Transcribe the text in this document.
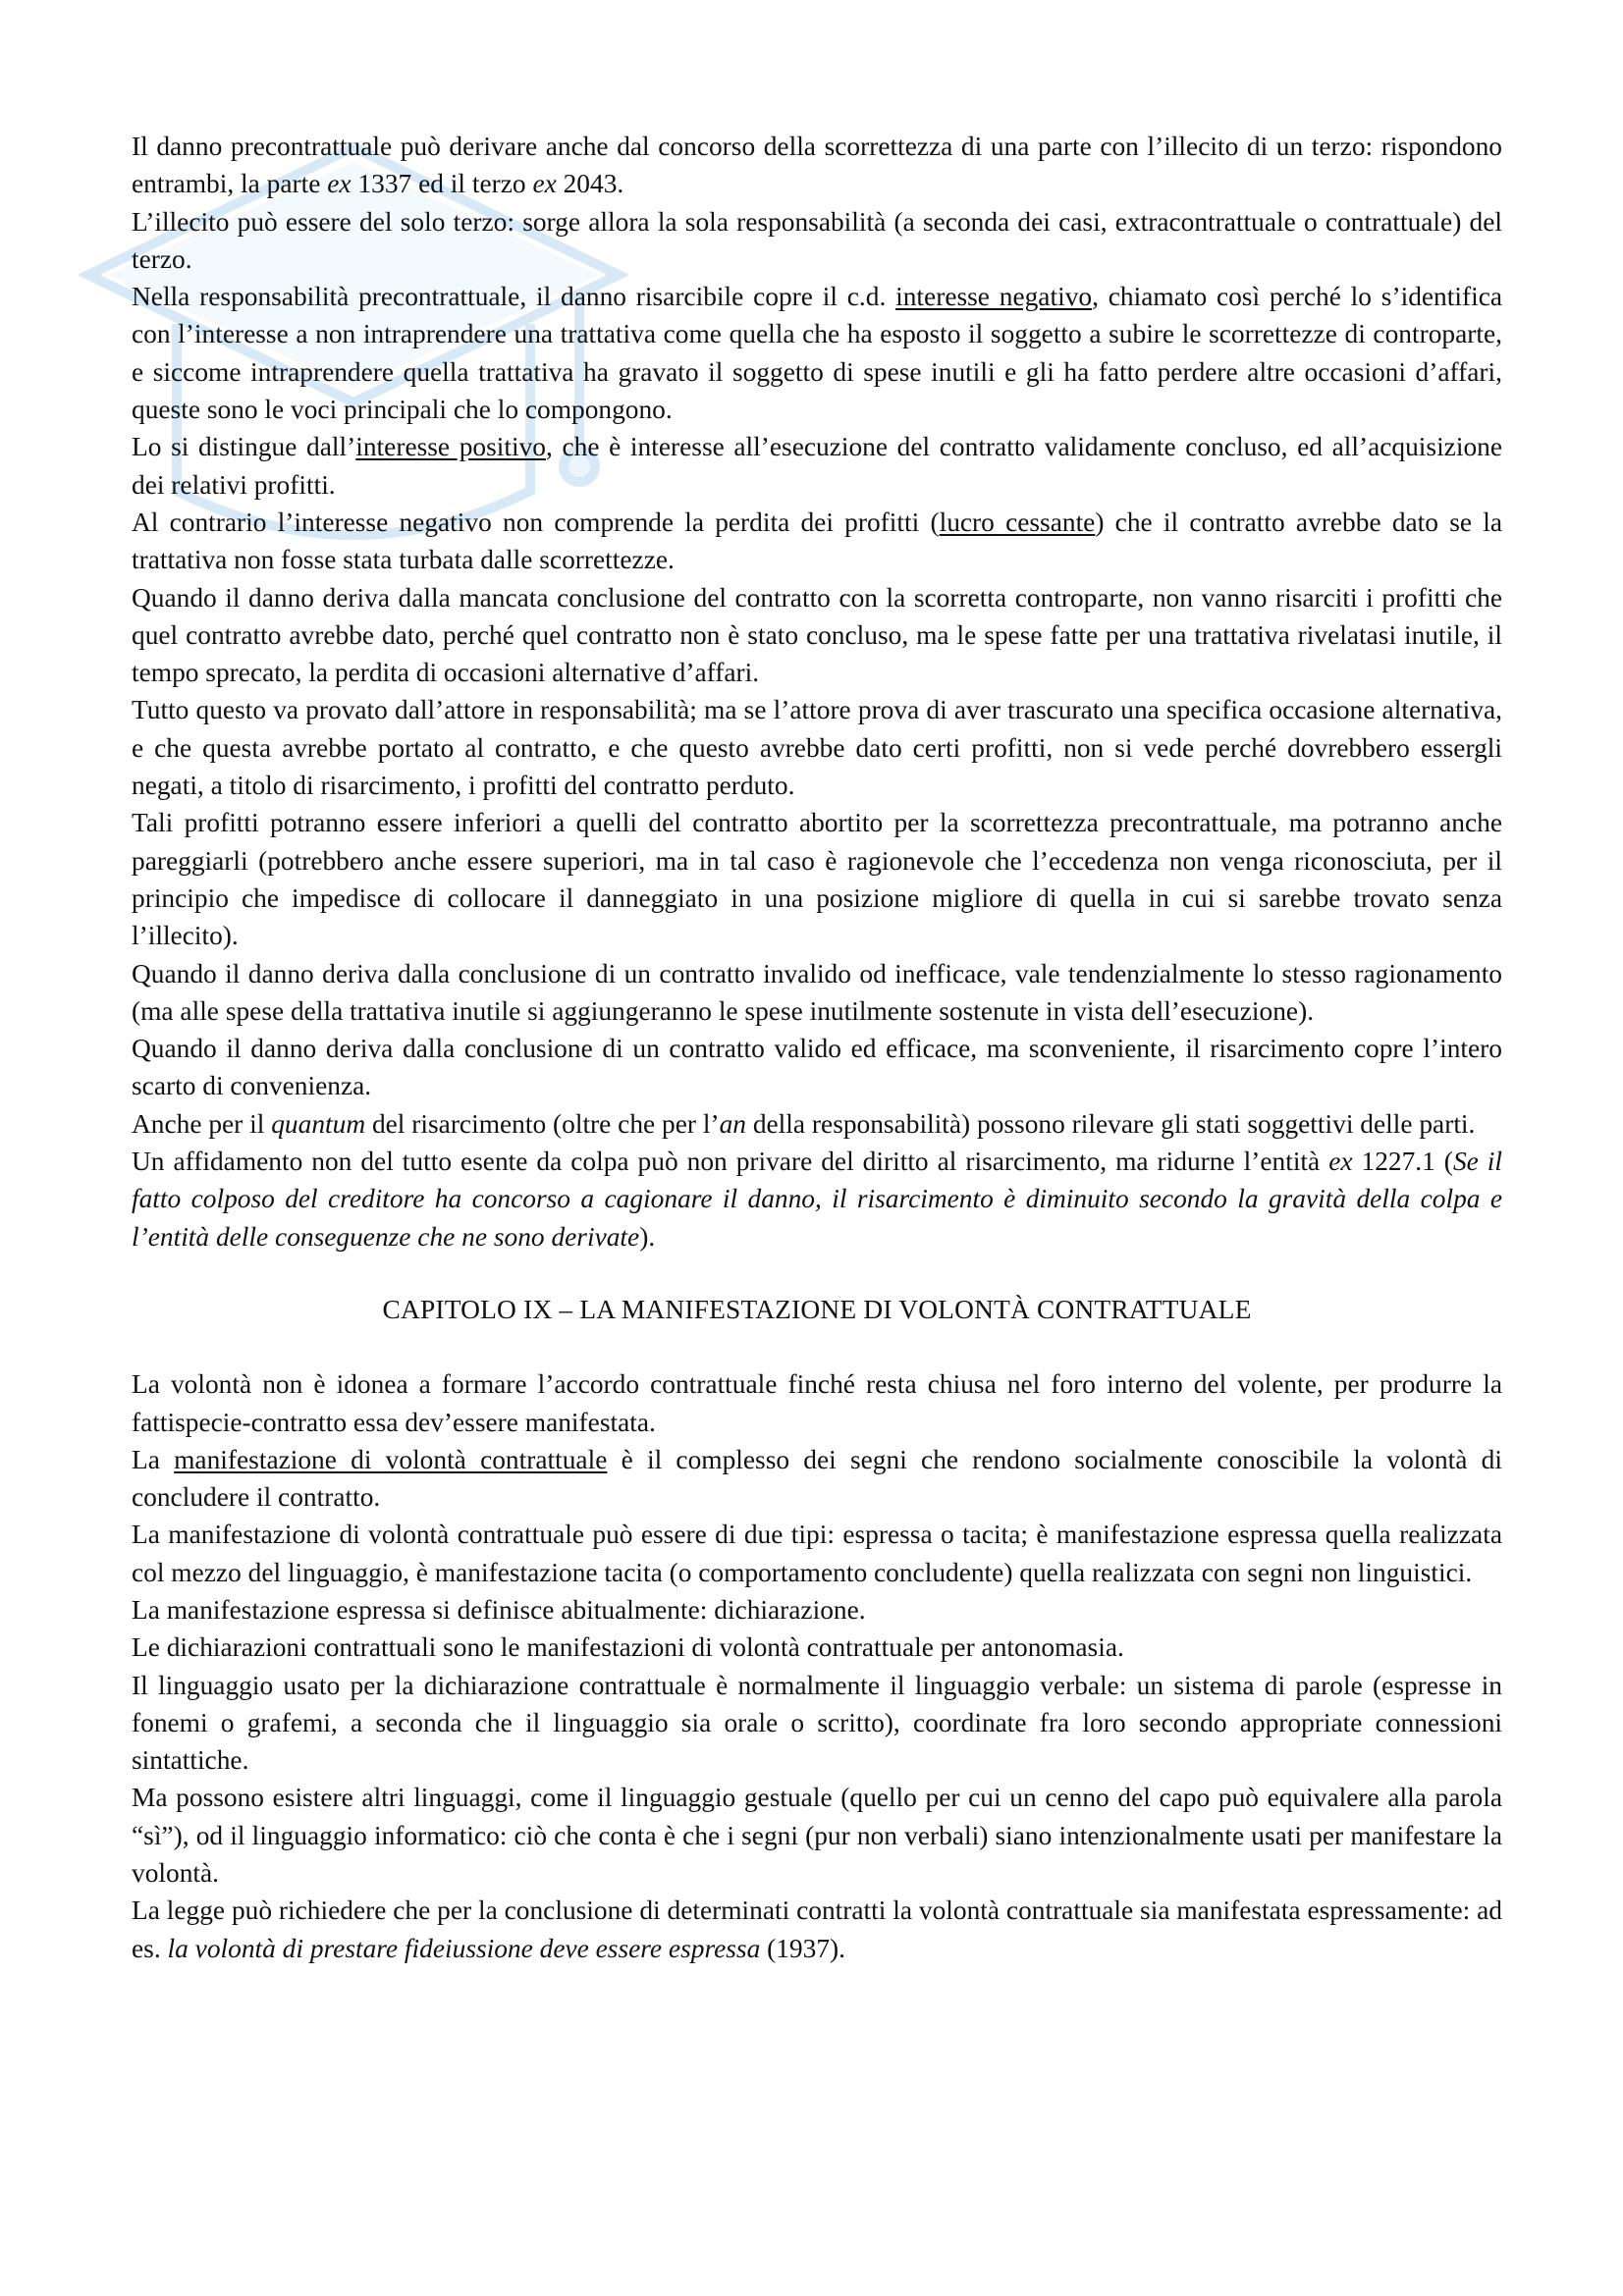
Il danno precontrattuale può derivare anche dal concorso della scorrettezza di una parte con l’illecito di un terzo: rispondono entrambi, la parte ex 1337 ed il terzo ex 2043.

L’illecito può essere del solo terzo: sorge allora la sola responsabilità (a seconda dei casi, extracontrattuale o contrattuale) del terzo.

Nella responsabilità precontrattuale, il danno risarcibile copre il c.d. interesse negativo, chiamato così perché lo s’identifica con l’interesse a non intraprendere una trattativa come quella che ha esposto il soggetto a subire le scorrettezze di controparte, e siccome intraprendere quella trattativa ha gravato il soggetto di spese inutili e gli ha fatto perdere altre occasioni d’affari, queste sono le voci principali che lo compongono.

Lo si distingue dall’interesse positivo, che è interesse all’esecuzione del contratto validamente concluso, ed all’acquisizione dei relativi profitti.

Al contrario l’interesse negativo non comprende la perdita dei profitti (lucro cessante) che il contratto avrebbe dato se la trattativa non fosse stata turbata dalle scorrettezze.

Quando il danno deriva dalla mancata conclusione del contratto con la scorretta controparte, non vanno risarciti i profitti che quel contratto avrebbe dato, perché quel contratto non è stato concluso, ma le spese fatte per una trattativa rivelatasi inutile, il tempo sprecato, la perdita di occasioni alternative d’affari.

Tutto questo va provato dall’attore in responsabilità; ma se l’attore prova di aver trascurato una specifica occasione alternativa, e che questa avrebbe portato al contratto, e che questo avrebbe dato certi profitti, non si vede perché dovrebbero essergli negati, a titolo di risarcimento, i profitti del contratto perduto.

Tali profitti potranno essere inferiori a quelli del contratto abortito per la scorrettezza precontrattuale, ma potranno anche pareggiarli (potrebbero anche essere superiori, ma in tal caso è ragionevole che l’eccedenza non venga riconosciuta, per il principio che impedisce di collocare il danneggiato in una posizione migliore di quella in cui si sarebbe trovato senza l’illecito).

Quando il danno deriva dalla conclusione di un contratto invalido od inefficace, vale tendenzialmente lo stesso ragionamento (ma alle spese della trattativa inutile si aggiungeranno le spese inutilmente sostenute in vista dell’esecuzione).

Quando il danno deriva dalla conclusione di un contratto valido ed efficace, ma sconveniente, il risarcimento copre l’intero scarto di convenienza.

Anche per il quantum del risarcimento (oltre che per l’an della responsabilità) possono rilevare gli stati soggettivi delle parti.

Un affidamento non del tutto esente da colpa può non privare del diritto al risarcimento, ma ridurne l’entità ex 1227.1 (Se il fatto colposo del creditore ha concorso a cagionare il danno, il risarcimento è diminuito secondo la gravità della colpa e l’entità delle conseguenze che ne sono derivate).

CAPITOLO IX – LA MANIFESTAZIONE DI VOLONTÀ CONTRATTUALE

La volontà non è idonea a formare l’accordo contrattuale finché resta chiusa nel foro interno del volente, per produrre la fattispecie-contratto essa dev’essere manifestata.

La manifestazione di volontà contrattuale è il complesso dei segni che rendono socialmente conoscibile la volontà di concludere il contratto.

La manifestazione di volontà contrattuale può essere di due tipi: espressa o tacita; è manifestazione espressa quella realizzata col mezzo del linguaggio, è manifestazione tacita (o comportamento concludente) quella realizzata con segni non linguistici.

La manifestazione espressa si definisce abitualmente: dichiarazione.

Le dichiarazioni contrattuali sono le manifestazioni di volontà contrattuale per antonomasia.

Il linguaggio usato per la dichiarazione contrattuale è normalmente il linguaggio verbale: un sistema di parole (espresse in fonemi o grafemi, a seconda che il linguaggio sia orale o scritto), coordinate fra loro secondo appropriate connessioni sintattiche.

Ma possono esistere altri linguaggi, come il linguaggio gestuale (quello per cui un cenno del capo può equivalere alla parola “sì”), od il linguaggio informatico: ciò che conta è che i segni (pur non verbali) siano intenzionalmente usati per manifestare la volontà.

La legge può richiedere che per la conclusione di determinati contratti la volontà contrattuale sia manifestata espressamente: ad es. la volontà di prestare fideiussione deve essere espressa (1937).
